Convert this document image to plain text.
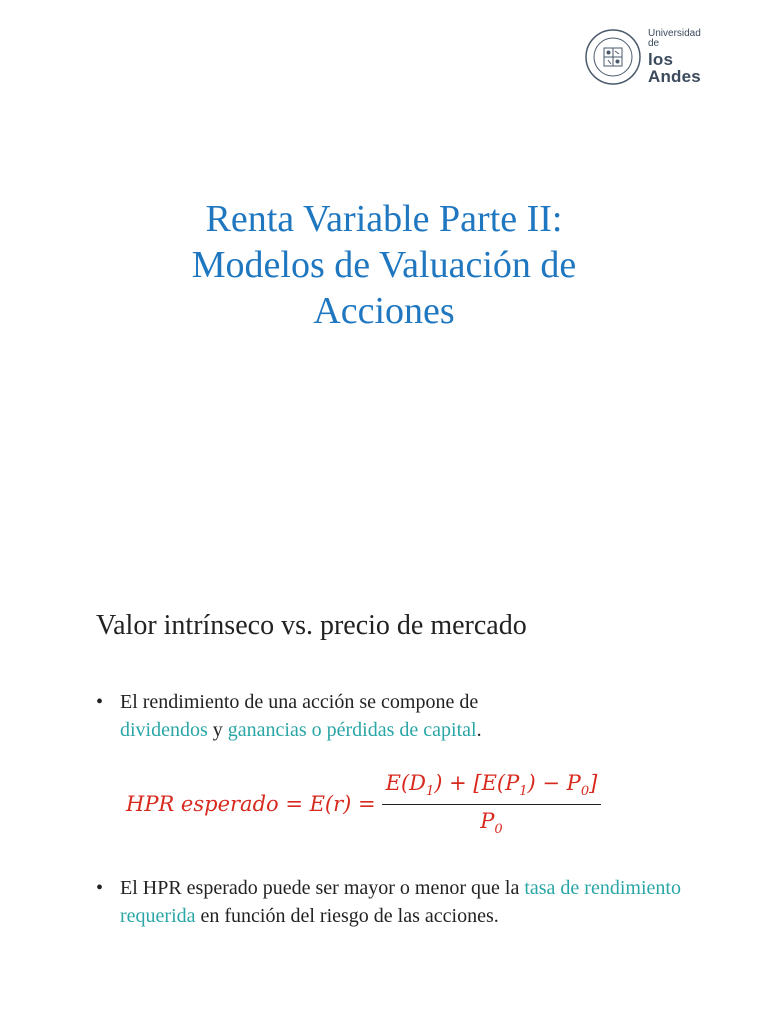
Universidad de
los Andes
Renta Variable Parte II:
Modelos de Valuación de
Acciones
Valor intrínseco vs. precio de mercado
• El rendimiento de una acción se compone de
dividendos y ganancias o pérdidas de capital.
HPR esperado = $E(r) = \frac{E(D_1) + [E(P_1) - P_0]}{P_0}$
• El HPR esperado puede ser mayor o menor que la tasa de rendimiento requerida en función del riesgo de las acciones.
